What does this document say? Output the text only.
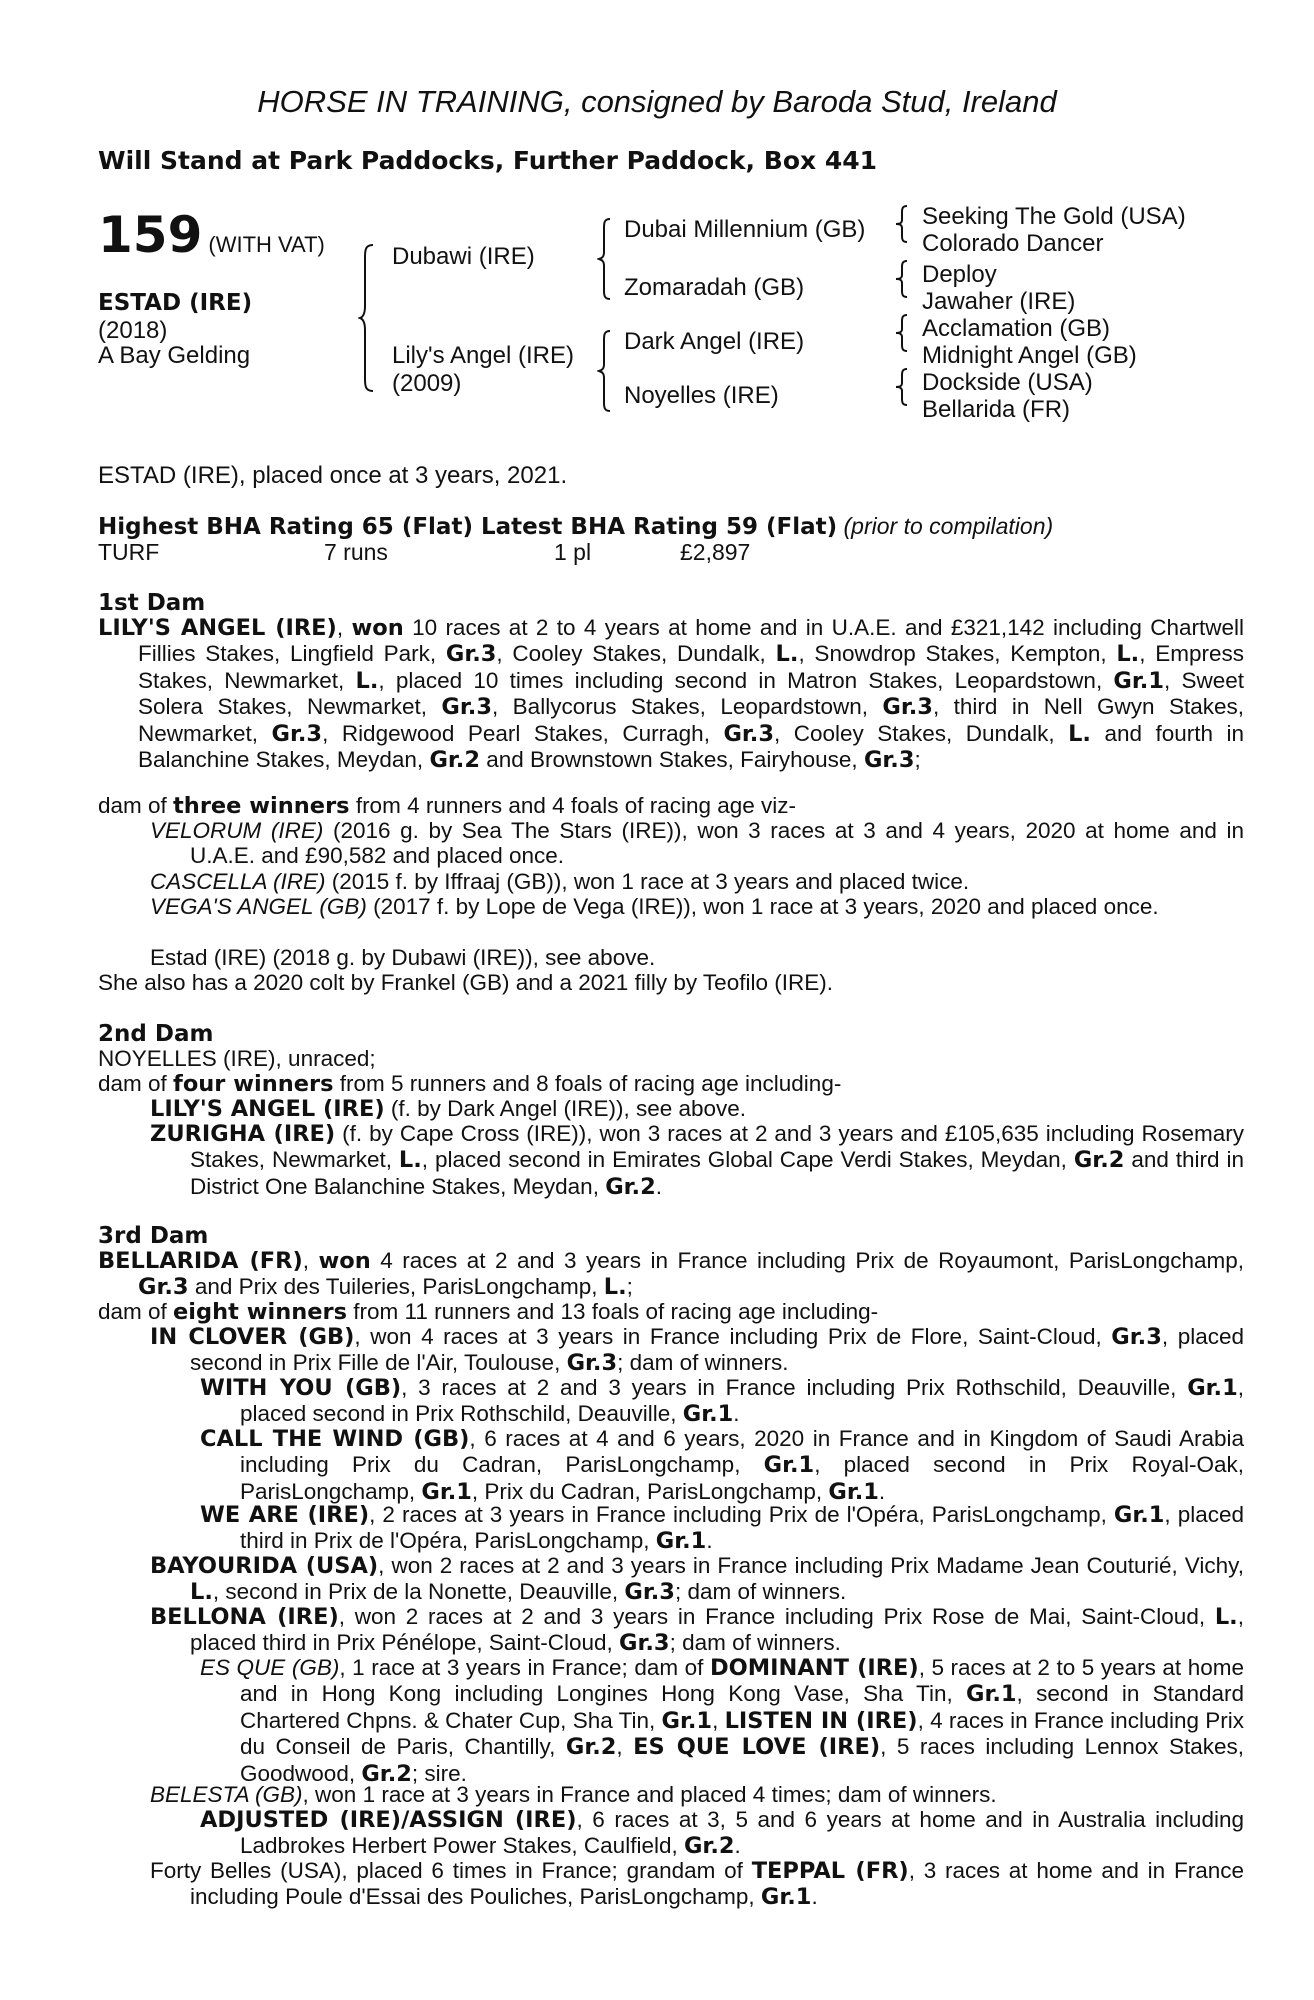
HORSE IN TRAINING, consigned by Baroda Stud, Ireland
Will Stand at Park Paddocks, Further Paddock, Box 441
159 (WITH VAT)
ESTAD (IRE)
(2018)
A Bay Gelding
Dubawi (IRE)
Lily's Angel (IRE)
(2009)
Dubai Millennium (GB)
Zomaradah (GB)
Dark Angel (IRE)
Noyelles (IRE)
Seeking The Gold (USA)
Colorado Dancer
Deploy
Jawaher (IRE)
Acclamation (GB)
Midnight Angel (GB)
Dockside (USA)
Bellarida (FR)
ESTAD (IRE), placed once at 3 years, 2021.
Highest BHA Rating 65 (Flat) Latest BHA Rating 59 (Flat) (prior to compilation)
TURF	7 runs	1 pl	£2,897
1st Dam
LILY'S ANGEL (IRE), won 10 races at 2 to 4 years at home and in U.A.E. and £321,142 including Chartwell Fillies Stakes, Lingfield Park, Gr.3, Cooley Stakes, Dundalk, L., Snowdrop Stakes, Kempton, L., Empress Stakes, Newmarket, L., placed 10 times including second in Matron Stakes, Leopardstown, Gr.1, Sweet Solera Stakes, Newmarket, Gr.3, Ballycorus Stakes, Leopardstown, Gr.3, third in Nell Gwyn Stakes, Newmarket, Gr.3, Ridgewood Pearl Stakes, Curragh, Gr.3, Cooley Stakes, Dundalk, L. and fourth in Balanchine Stakes, Meydan, Gr.2 and Brownstown Stakes, Fairyhouse, Gr.3;
dam of three winners from 4 runners and 4 foals of racing age viz-
VELORUM (IRE) (2016 g. by Sea The Stars (IRE)), won 3 races at 3 and 4 years, 2020 at home and in U.A.E. and £90,582 and placed once.
CASCELLA (IRE) (2015 f. by Iffraaj (GB)), won 1 race at 3 years and placed twice.
VEGA'S ANGEL (GB) (2017 f. by Lope de Vega (IRE)), won 1 race at 3 years, 2020 and placed once.
Estad (IRE) (2018 g. by Dubawi (IRE)), see above.
She also has a 2020 colt by Frankel (GB) and a 2021 filly by Teofilo (IRE).
2nd Dam
NOYELLES (IRE), unraced;
dam of four winners from 5 runners and 8 foals of racing age including-
LILY'S ANGEL (IRE) (f. by Dark Angel (IRE)), see above.
ZURIGHA (IRE) (f. by Cape Cross (IRE)), won 3 races at 2 and 3 years and £105,635 including Rosemary Stakes, Newmarket, L., placed second in Emirates Global Cape Verdi Stakes, Meydan, Gr.2 and third in District One Balanchine Stakes, Meydan, Gr.2.
3rd Dam
BELLARIDA (FR), won 4 races at 2 and 3 years in France including Prix de Royaumont, ParisLongchamp, Gr.3 and Prix des Tuileries, ParisLongchamp, L.;
dam of eight winners from 11 runners and 13 foals of racing age including-
IN CLOVER (GB), won 4 races at 3 years in France including Prix de Flore, Saint-Cloud, Gr.3, placed second in Prix Fille de l'Air, Toulouse, Gr.3; dam of winners.
WITH YOU (GB), 3 races at 2 and 3 years in France including Prix Rothschild, Deauville, Gr.1, placed second in Prix Rothschild, Deauville, Gr.1.
CALL THE WIND (GB), 6 races at 4 and 6 years, 2020 in France and in Kingdom of Saudi Arabia including Prix du Cadran, ParisLongchamp, Gr.1, placed second in Prix Royal-Oak, ParisLongchamp, Gr.1, Prix du Cadran, ParisLongchamp, Gr.1.
WE ARE (IRE), 2 races at 3 years in France including Prix de l'Opéra, ParisLongchamp, Gr.1, placed third in Prix de l'Opéra, ParisLongchamp, Gr.1.
BAYOURIDA (USA), won 2 races at 2 and 3 years in France including Prix Madame Jean Couturié, Vichy, L., second in Prix de la Nonette, Deauville, Gr.3; dam of winners.
BELLONA (IRE), won 2 races at 2 and 3 years in France including Prix Rose de Mai, Saint-Cloud, L., placed third in Prix Pénélope, Saint-Cloud, Gr.3; dam of winners.
ES QUE (GB), 1 race at 3 years in France; dam of DOMINANT (IRE), 5 races at 2 to 5 years at home and in Hong Kong including Longines Hong Kong Vase, Sha Tin, Gr.1, second in Standard Chartered Chpns. & Chater Cup, Sha Tin, Gr.1, LISTEN IN (IRE), 4 races in France including Prix du Conseil de Paris, Chantilly, Gr.2, ES QUE LOVE (IRE), 5 races including Lennox Stakes, Goodwood, Gr.2; sire.
BELESTA (GB), won 1 race at 3 years in France and placed 4 times; dam of winners.
ADJUSTED (IRE)/ASSIGN (IRE), 6 races at 3, 5 and 6 years at home and in Australia including Ladbrokes Herbert Power Stakes, Caulfield, Gr.2.
Forty Belles (USA), placed 6 times in France; grandam of TEPPAL (FR), 3 races at home and in France including Poule d'Essai des Pouliches, ParisLongchamp, Gr.1.
